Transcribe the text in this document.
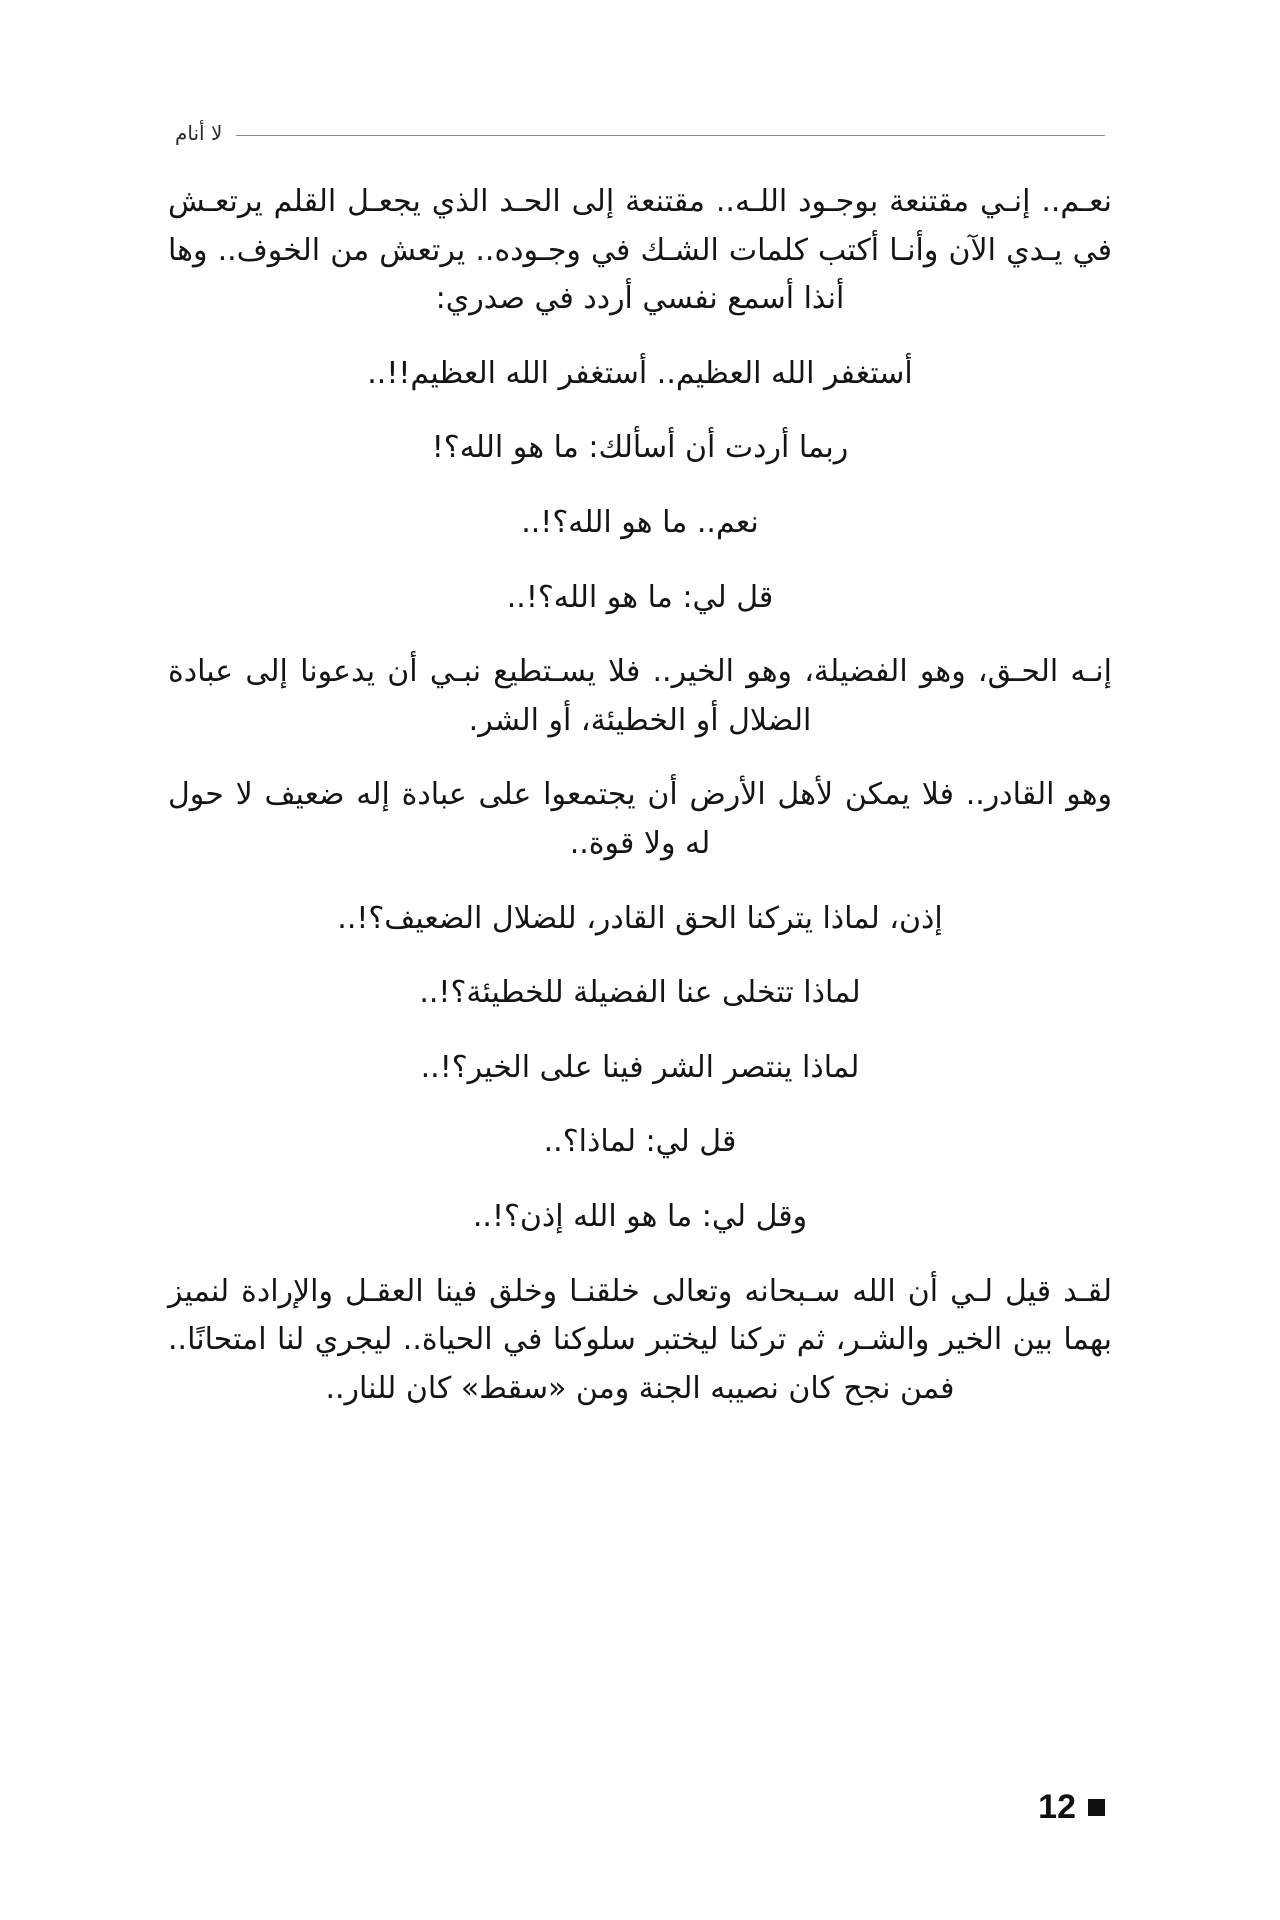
لا أنام

نعـم.. إنـي مقتنعة بوجـود اللـه.. مقتنعة إلى الحـد الذي يجعـل القلم يرتعـش في يـدي الآن وأنـا أكتب كلمات الشـك في وجـوده.. يرتعش من الخوف.. وها أنذا أسمع نفسي أردد في صدري:

أستغفر الله العظيم.. أستغفر الله العظيم!!..

ربما أردت أن أسألك: ما هو الله؟!

نعم.. ما هو الله؟!..

قل لي: ما هو الله؟!..

إنـه الحـق، وهو الفضيلة، وهو الخير.. فلا يسـتطيع نبـي أن يدعونا إلى عبادة الضلال أو الخطيئة، أو الشر.

وهو القادر.. فلا يمكن لأهل الأرض أن يجتمعوا على عبادة إله ضعيف لا حول له ولا قوة..

إذن، لماذا يتركنا الحق القادر، للضلال الضعيف؟!..

لماذا تتخلى عنا الفضيلة للخطيئة؟!..

لماذا ينتصر الشر فينا على الخير؟!..

قل لي: لماذا؟..

وقل لي: ما هو الله إذن؟!..

لقـد قيل لـي أن الله سـبحانه وتعالى خلقنـا وخلق فينا العقـل والإرادة لنميز بهما بين الخير والشـر، ثم تركنا ليختبر سلوكنا في الحياة.. ليجري لنا امتحانًا.. فمن نجح كان نصيبه الجنة ومن «سقط» كان للنار..

12
